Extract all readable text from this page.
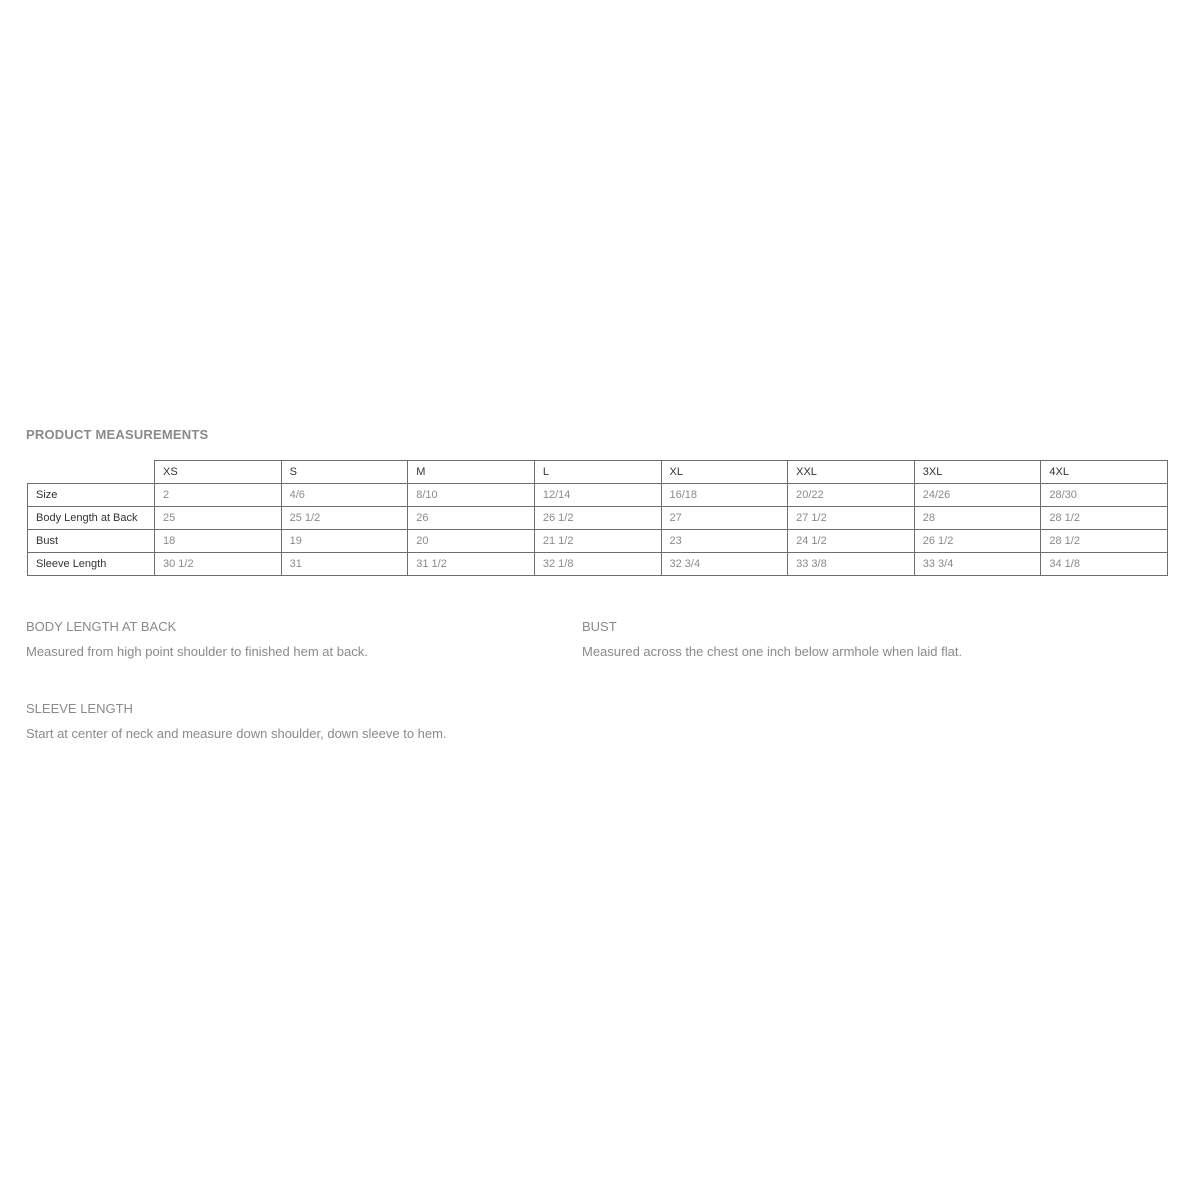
PRODUCT MEASUREMENTS
	XS	S	M	L	XL	XXL	3XL	4XL
Size	2	4/6	8/10	12/14	16/18	20/22	24/26	28/30
Body Length at Back	25	25 1/2	26	26 1/2	27	27 1/2	28	28 1/2
Bust	18	19	20	21 1/2	23	24 1/2	26 1/2	28 1/2
Sleeve Length	30 1/2	31	31 1/2	32 1/8	32 3/4	33 3/8	33 3/4	34 1/8

BODY LENGTH AT BACK

Measured from high point shoulder to finished hem at back.

BUST

Measured across the chest one inch below armhole when laid flat.

SLEEVE LENGTH

Start at center of neck and measure down shoulder, down sleeve to hem.
